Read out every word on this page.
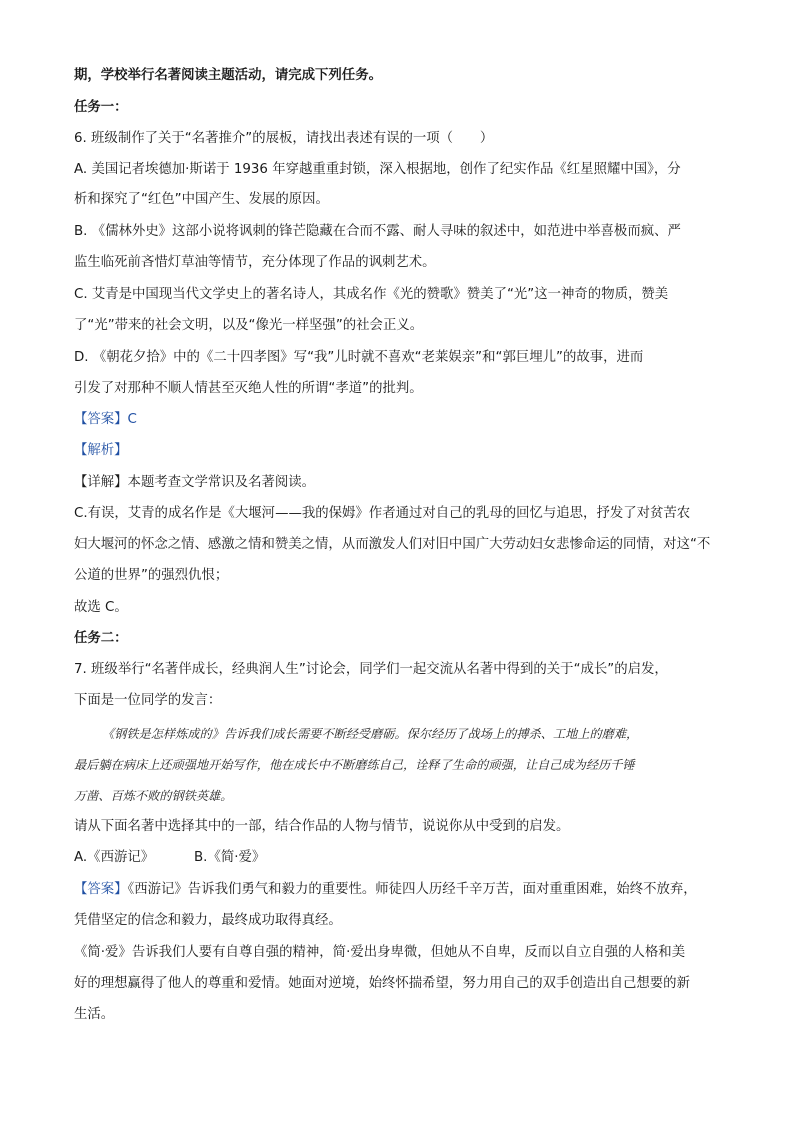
期，学校举行名著阅读主题活动，请完成下列任务。
任务一：
6. 班级制作了关于“名著推介”的展板，请找出表述有误的一项（　　）
A. 美国记者埃德加·斯诺于 1936 年穿越重重封锁，深入根据地，创作了纪实作品《红星照耀中国》，分
析和探究了“红色”中国产生、发展的原因。
B. 《儒林外史》这部小说将讽刺的锋芒隐藏在合而不露、耐人寻味的叙述中，如范进中举喜极而疯、严
监生临死前吝惜灯草油等情节，充分体现了作品的讽刺艺术。
C. 艾青是中国现当代文学史上的著名诗人，其成名作《光的赞歌》赞美了“光”这一神奇的物质，赞美
了“光”带来的社会文明，以及“像光一样坚强”的社会正义。
D. 《朝花夕拾》中的《二十四孝图》写“我”儿时就不喜欢“老莱娱亲”和“郭巨埋儿”的故事，进而
引发了对那种不顺人情甚至灭绝人性的所谓“孝道”的批判。
【答案】C
【解析】
【详解】本题考查文学常识及名著阅读。
C.有误，艾青的成名作是《大堰河——我的保姆》作者通过对自己的乳母的回忆与追思，抒发了对贫苦农
妇大堰河的怀念之情、感激之情和赞美之情，从而激发人们对旧中国广大劳动妇女悲惨命运的同情，对这“不
公道的世界”的强烈仇恨；
故选 C。
任务二：
7. 班级举行“名著伴成长，经典润人生”讨论会，同学们一起交流从名著中得到的关于“成长”的启发，
下面是一位同学的发言：
《钢铁是怎样炼成的》告诉我们成长需要不断经受磨砺。保尔经历了战场上的搏杀、工地上的磨难，
最后躺在病床上还顽强地开始写作，他在成长中不断磨练自己，诠释了生命的顽强，让自己成为经历千锤
万凿、百炼不败的钢铁英雄。
请从下面名著中选择其中的一部，结合作品的人物与情节，说说你从中受到的启发。
A.《西游记》	B.《简·爱》
【答案】《西游记》告诉我们勇气和毅力的重要性。师徒四人历经千辛万苦，面对重重困难，始终不放弃，
凭借坚定的信念和毅力，最终成功取得真经。
《简·爱》告诉我们人要有自尊自强的精神，简·爱出身卑微，但她从不自卑，反而以自立自强的人格和美
好的理想赢得了他人的尊重和爱情。她面对逆境，始终怀揣希望，努力用自己的双手创造出自己想要的新
生活。
